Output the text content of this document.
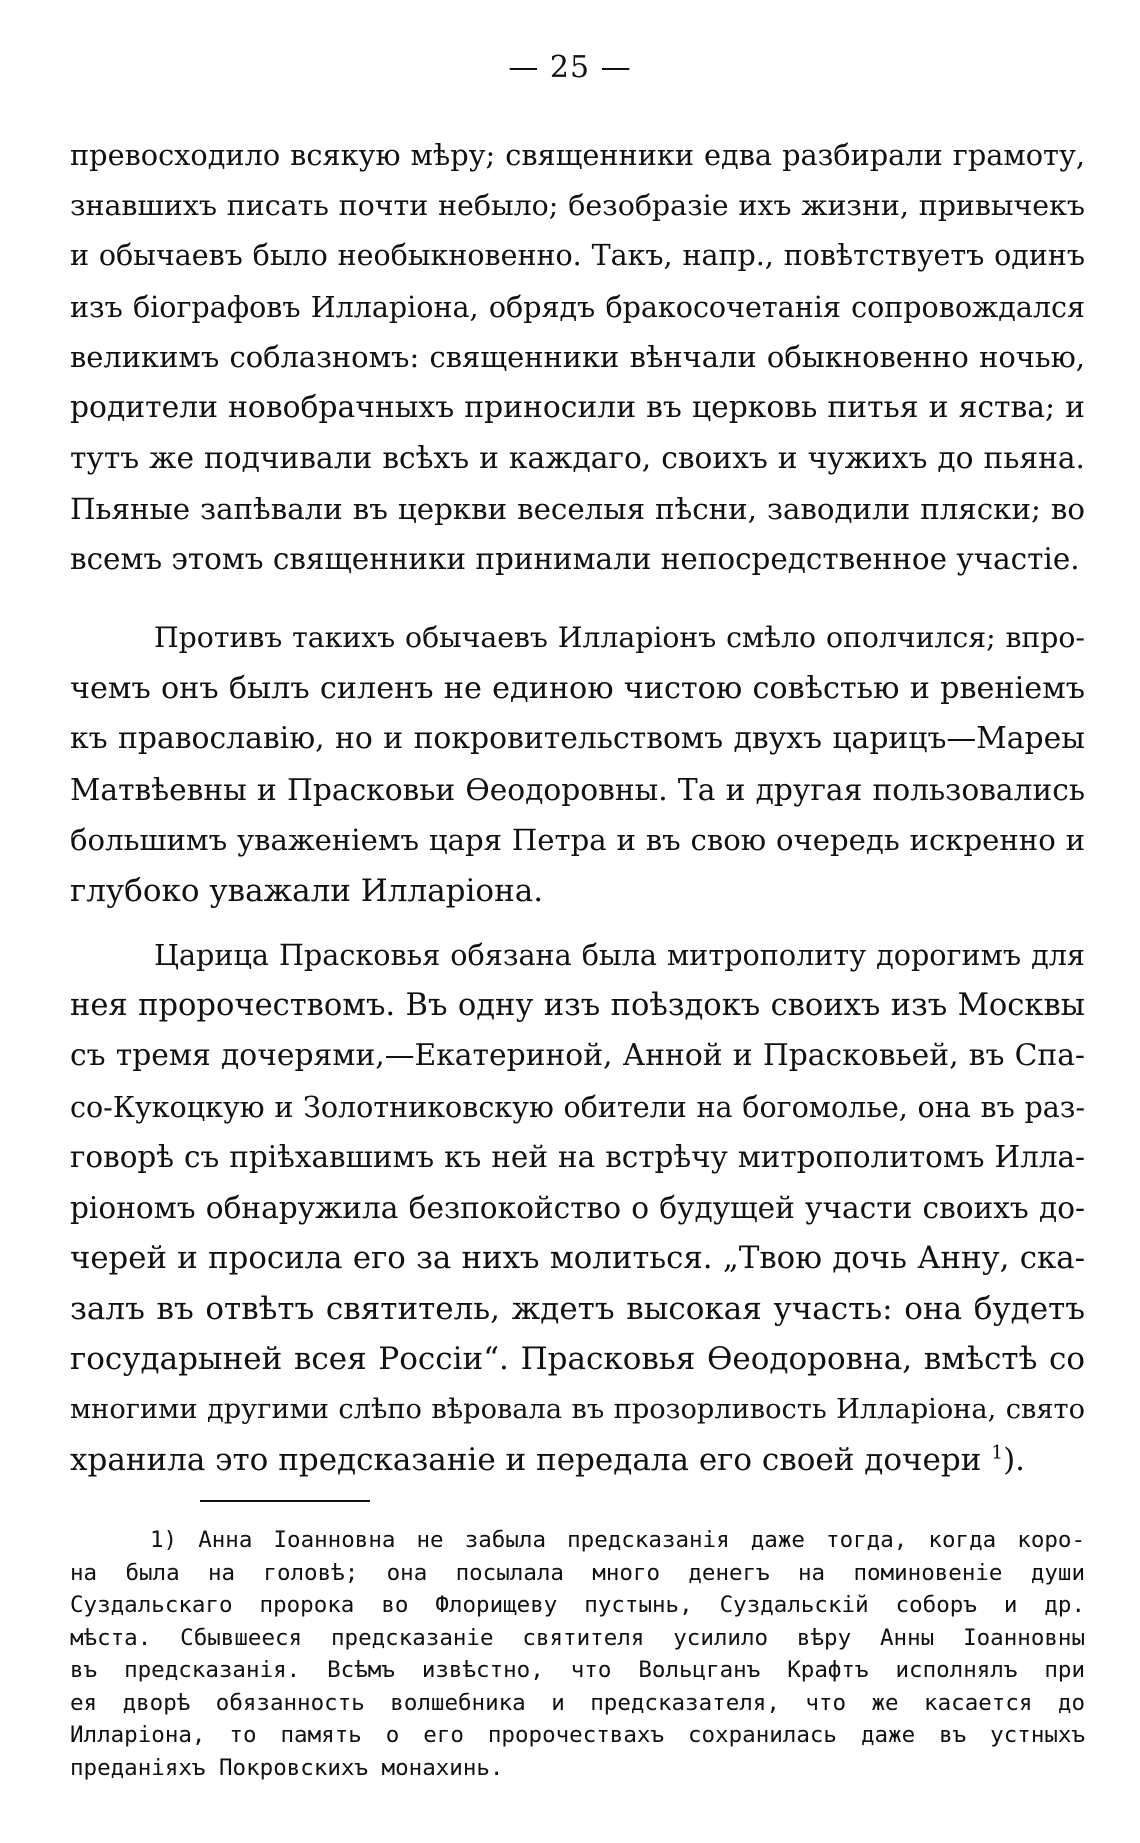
— 25 —
превосходило всякую мѣру; священники едва разбирали грамоту,
знавшихъ писать почти небыло; безобразіе ихъ жизни, привычекъ
и обычаевъ было необыкновенно. Такъ, напр., повѣтствуетъ одинъ
изъ біографовъ Илларіона, обрядъ бракосочетанія сопровождался
великимъ соблазномъ: священники вѣнчали обыкновенно ночью,
родители новобрачныхъ приносили въ церковь питья и яства; и
тутъ же подчивали всѣхъ и каждаго, своихъ и чужихъ до пьяна.
Пьяные запѣвали въ церкви веселыя пѣсни, заводили пляски; во
всемъ этомъ священники принимали непосредственное участіе.
Противъ такихъ обычаевъ Илларіонъ смѣло ополчился; впро-
чемъ онъ былъ силенъ не единою чистою совѣстью и рвеніемъ
къ православію, но и покровительствомъ двухъ царицъ—Мареы
Матвѣевны и Прасковьи Ѳеодоровны. Та и другая пользовались
большимъ уваженіемъ царя Петра и въ свою очередь искренно и
глубоко уважали Илларіона.
Царица Прасковья обязана была митрополиту дорогимъ для
нея пророчествомъ. Въ одну изъ поѣздокъ своихъ изъ Москвы
съ тремя дочерями,—Екатериной, Анной и Прасковьей, въ Спа-
со-Кукоцкую и Золотниковскую обители на богомолье, она въ раз-
говорѣ съ пріѣхавшимъ къ ней на встрѣчу митрополитомъ Илла-
ріономъ обнаружила безпокойство о будущей участи своихъ до-
черей и просила его за нихъ молиться. „Твою дочь Анну, ска-
залъ въ отвѣтъ святитель, ждетъ высокая участь: она будетъ
государыней всея Россіи“. Прасковья Ѳеодоровна, вмѣстѣ со
многими другими слѣпо вѣровала въ прозорливость Илларіона, свято
хранила это предсказаніе и передала его своей дочери $^1$).
1) Анна Іоанновна не забыла предсказанія даже тогда, когда коро-
на была на головѣ; она посылала много денегъ на поминовеніе души
Суздальскаго пророка во Флорищеву пустынь, Суздальскій соборъ и др.
мѣста. Сбывшееся предсказаніе святителя усилило вѣру Анны Іоанновны
въ предсказанія. Всѣмъ извѣстно, что Вольцганъ Крафтъ исполнялъ при
ея дворѣ обязанность волшебника и предсказателя, что же касается до
Илларіона, то память о его пророчествахъ сохранилась даже въ устныхъ
преданіяхъ Покровскихъ монахинь.
